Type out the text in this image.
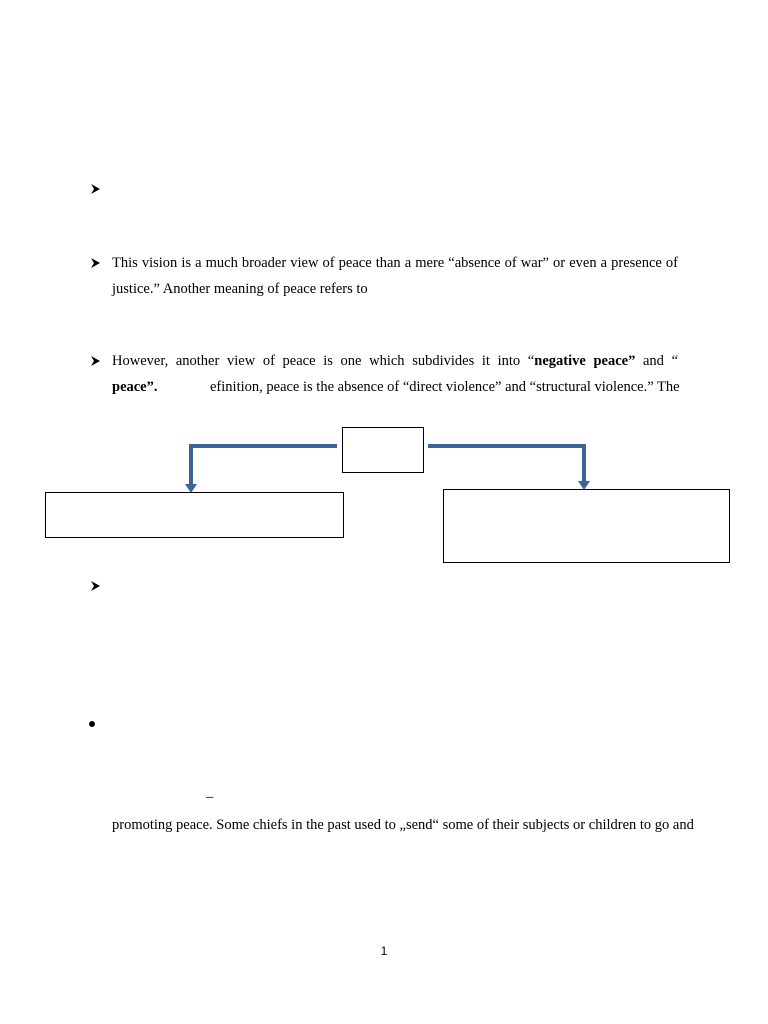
This vision is a much broader view of peace than a mere “absence of war” or even a presence of
justice.” Another meaning of peace refers to
However, another view of peace is one which subdivides it into “negative peace” and “
peace”.	efinition, peace is the absence of “direct violence” and “structural violence.” The
–
promoting peace. Some chiefs in the past used to „send“ some of their subjects or children to go and
1
